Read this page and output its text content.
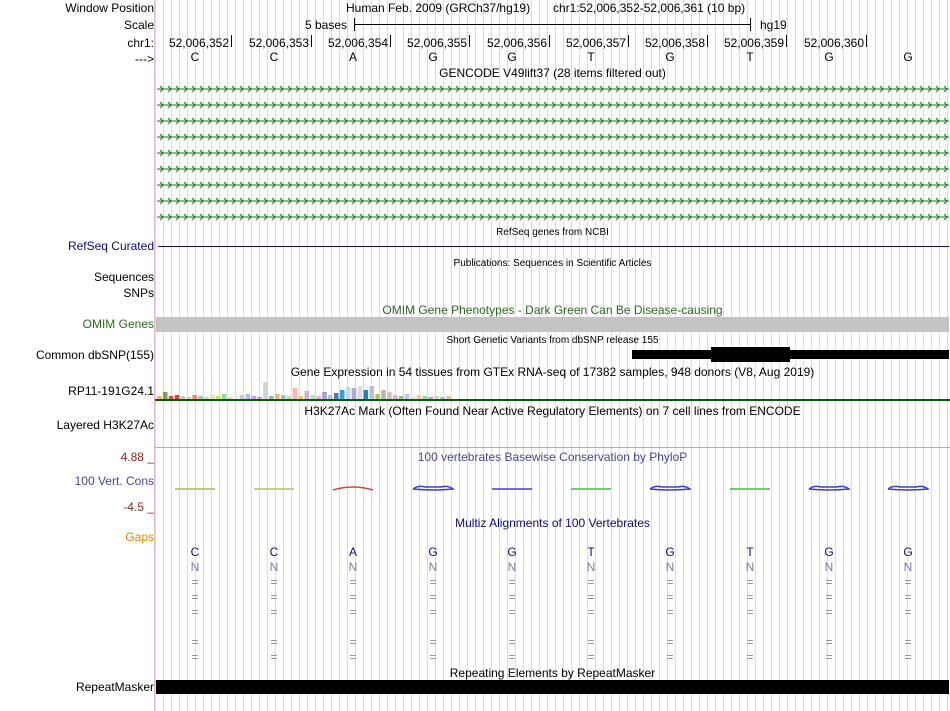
Window Position
Scale
chr1:
--->
RefSeq Curated
Sequences
SNPs
OMIM Genes
Common dbSNP(155)
RP11-191G24.1
Layered H3K27Ac
4.88 _
100 Vert. Cons
-4.5 _
Gaps
RepeatMasker
Human Feb. 2009 (GRCh37/hg19) chr1:52,006,352-52,006,361 (10 bp)
5 bases	hg19
52,006,352	52,006,353	52,006,354	52,006,355	52,006,356	52,006,357	52,006,358	52,006,359	52,006,360
C	C	A	G	G	T	G	T	G	G
GENCODE V49lift37 (28 items filtered out)
RefSeq genes from NCBI
Publications: Sequences in Scientific Articles
OMIM Gene Phenotypes - Dark Green Can Be Disease-causing
Short Genetic Variants from dbSNP release 155
Gene Expression in 54 tissues from GTEx RNA-seq of 17382 samples, 948 donors (V8, Aug 2019)
H3K27Ac Mark (Often Found Near Active Regulatory Elements) on 7 cell lines from ENCODE
100 vertebrates Basewise Conservation by PhyloP
Multiz Alignments of 100 Vertebrates
C	C	A	G	G	T	G	T	G	G
N	N	N	N	N	N	N	N	N	N
=	=	=	=	=	=	=	=	=	=
=	=	=	=	=	=	=	=	=	=
=	=	=	=	=	=	=	=	=	=
=	=	=	=	=	=	=	=	=	=
=	=	=	=	=	=	=	=	=	=
Repeating Elements by RepeatMasker
